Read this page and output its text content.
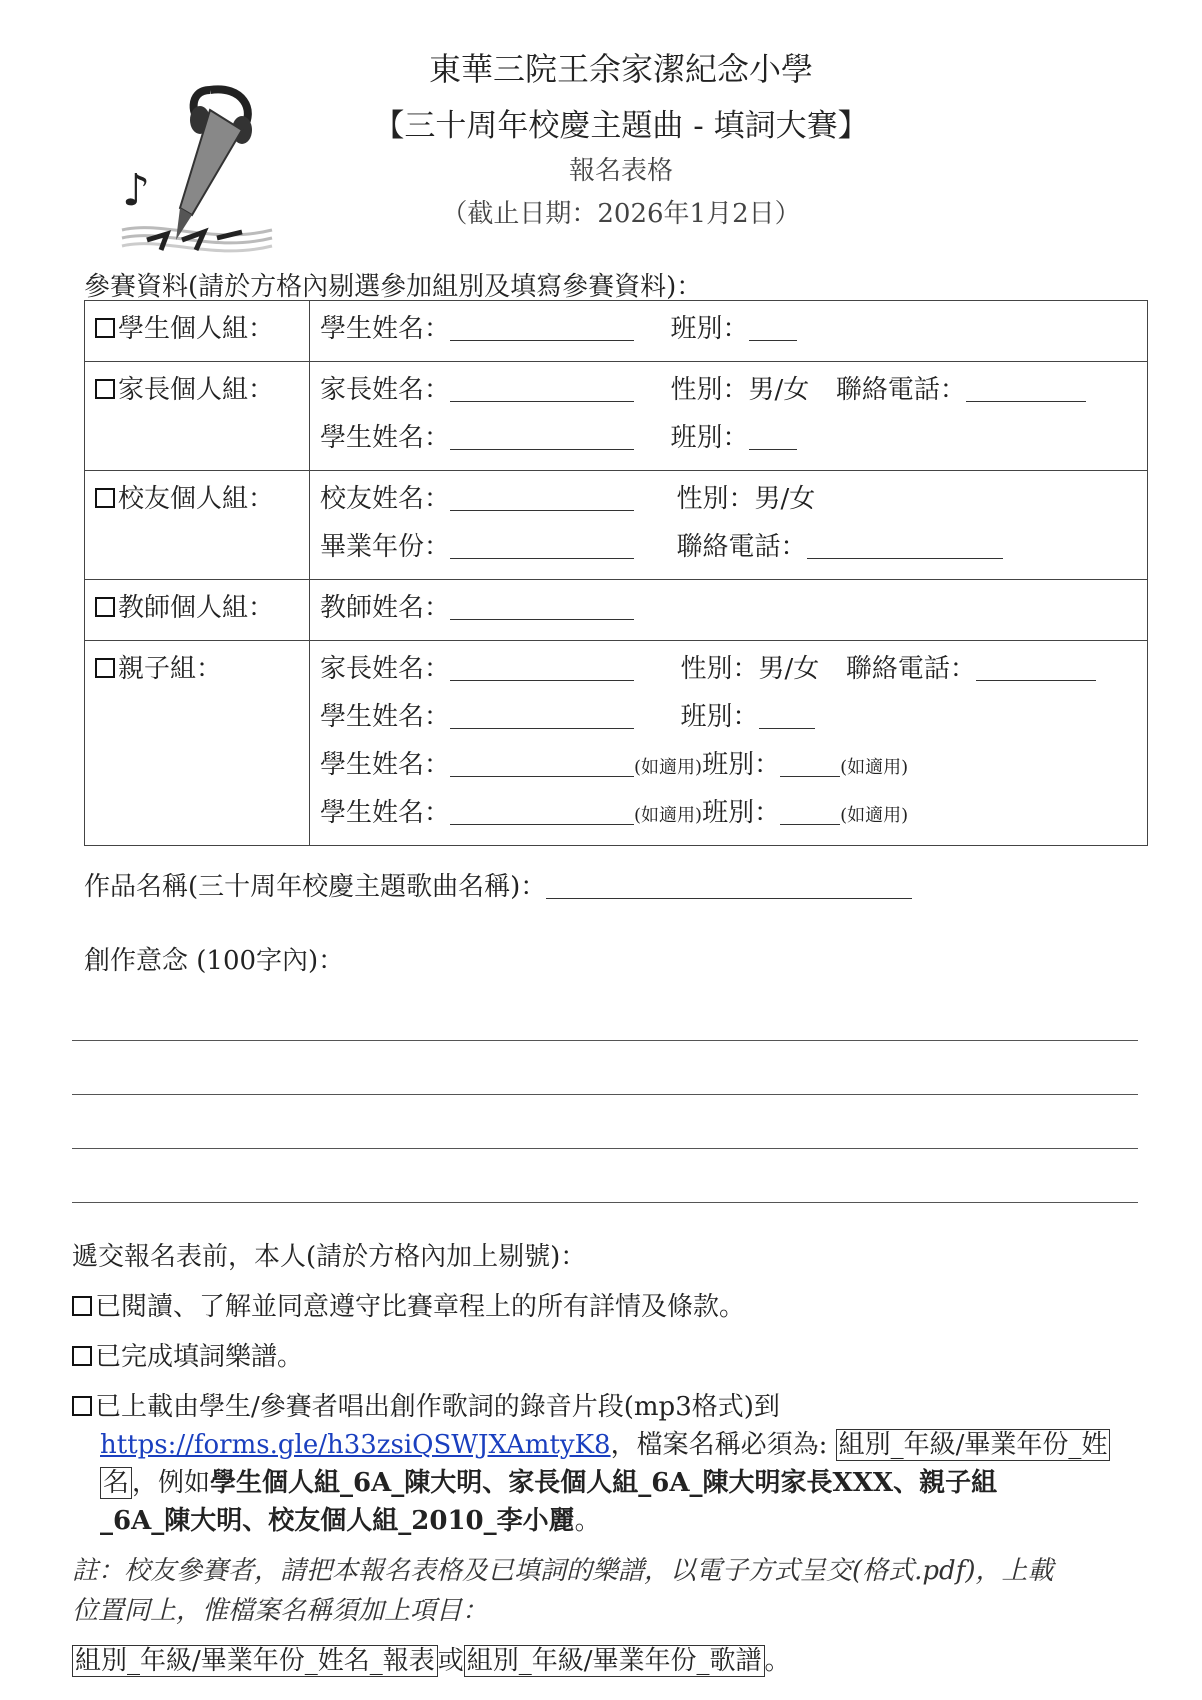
♪
東華三院王余家潔紀念小學
【三十周年校慶主題曲 - 填詞大賽】
報名表格
（截止日期：2026年1月2日）
參賽資料(請於方格內剔選參加組別及填寫參賽資料)：
學生個人組：	學生姓名： 班別：

家長個人組：	家長姓名： 性別：男/女 聯絡電話：
學生姓名： 班別：

校友個人組：	校友姓名： 性別：男/女
畢業年份： 聯絡電話：

教師個人組：	教師姓名：

親子組：	家長姓名： 性別：男/女 聯絡電話：
學生姓名： 班別：
學生姓名： (如適用)班別： (如適用)
學生姓名： (如適用)班別： (如適用)
作品名稱(三十周年校慶主題歌曲名稱)：
創作意念 (100字內)：
遞交報名表前，本人(請於方格內加上剔號)：
已閱讀、了解並同意遵守比賽章程上的所有詳情及條款。
已完成填詞樂譜。
已上載由學生/參賽者唱出創作歌詞的錄音片段(mp3格式)到
https://forms.gle/h33zsiQSWJXAmtyK8，檔案名稱必須為: 組別_年級/畢業年份_姓
名 ，例如學生個人組_6A_陳大明、家長個人組_6A_陳大明家長XXX、親子組
_6A_陳大明、校友個人組_2010_李小麗。
註：校友參賽者，請把本報名表格及已填詞的樂譜，以電子方式呈交(格式.pdf)，上載
位置同上，惟檔案名稱須加上項目：
組別_年級/畢業年份_姓名_報表 或 組別_年級/畢業年份_歌譜 。
